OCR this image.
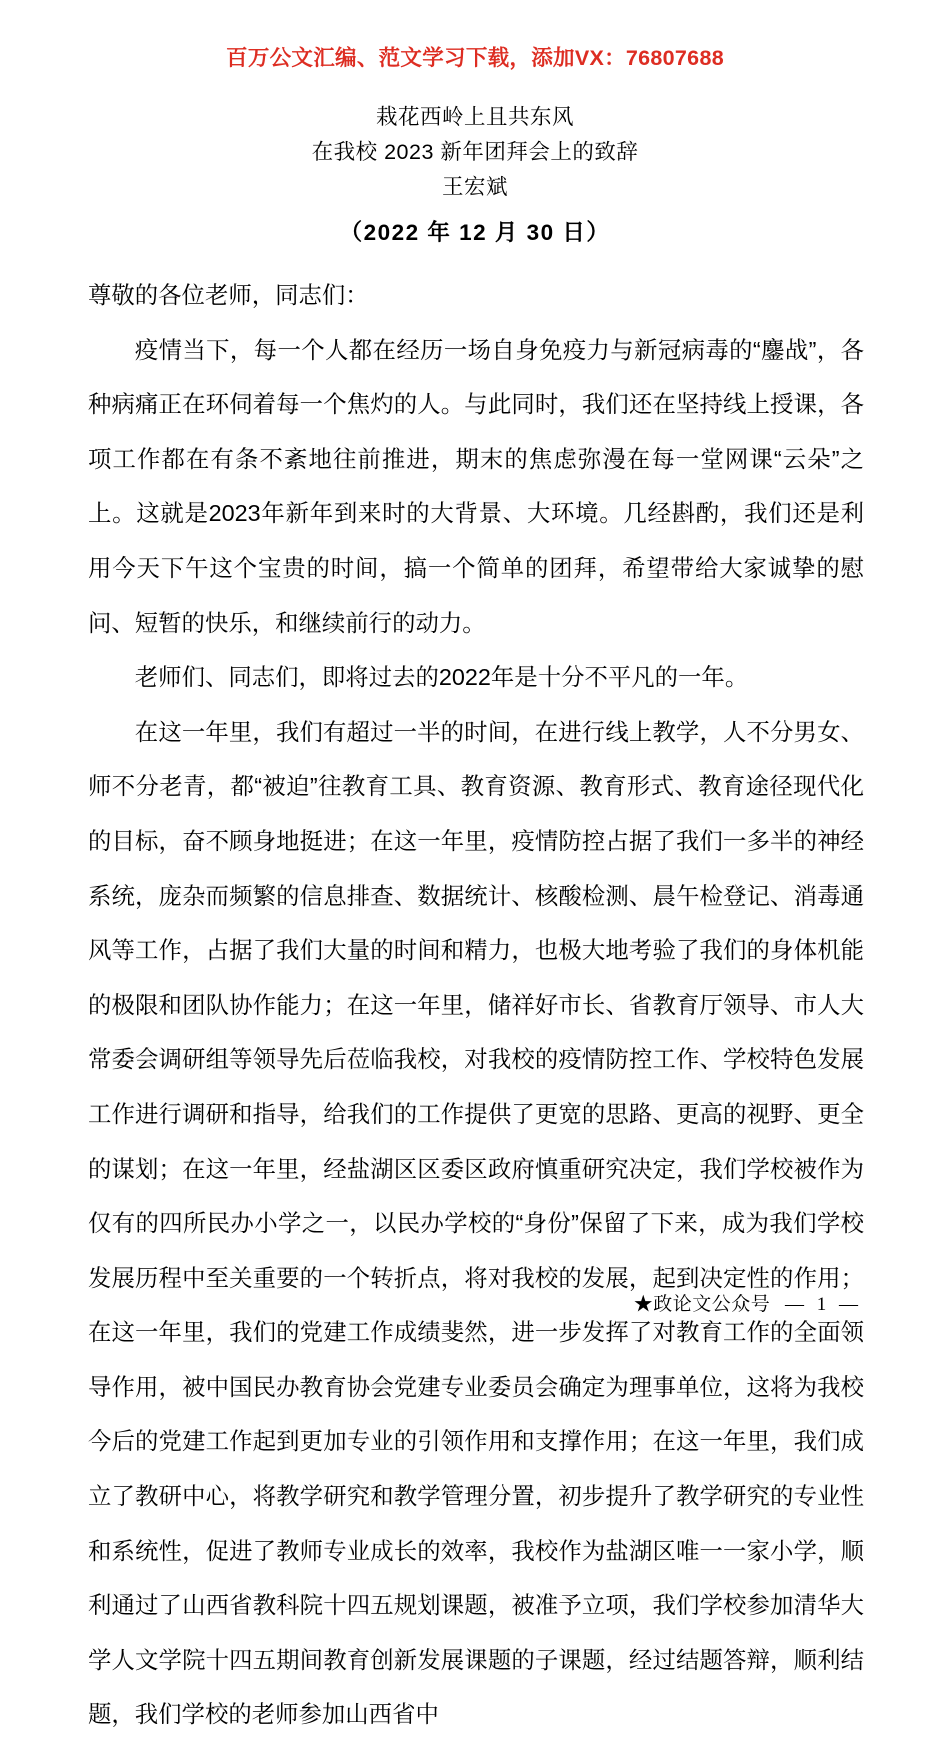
百万公文汇编、范文学习下载，添加VX：76807688
栽花西岭上且共东风
在我校 2023 新年团拜会上的致辞
王宏斌
（2022 年 12 月 30 日）

尊敬的各位老师，同志们：

疫情当下，每一个人都在经历一场自身免疫力与新冠病毒的“鏖战”，各种病痛正在环伺着每一个焦灼的人。与此同时，我们还在坚持线上授课，各项工作都在有条不紊地往前推进，期末的焦虑弥漫在每一堂网课“云朵”之上。这就是2023年新年到来时的大背景、大环境。几经斟酌，我们还是利用今天下午这个宝贵的时间，搞一个简单的团拜，希望带给大家诚挚的慰问、短暂的快乐，和继续前行的动力。

老师们、同志们，即将过去的2022年是十分不平凡的一年。

在这一年里，我们有超过一半的时间，在进行线上教学，人不分男女、师不分老青，都“被迫”往教育工具、教育资源、教育形式、教育途径现代化的目标，奋不顾身地挺进；在这一年里，疫情防控占据了我们一多半的神经系统，庞杂而频繁的信息排查、数据统计、核酸检测、晨午检登记、消毒通风等工作，占据了我们大量的时间和精力，也极大地考验了我们的身体机能的极限和团队协作能力；在这一年里，储祥好市长、省教育厅领导、市人大常委会调研组等领导先后莅临我校，对我校的疫情防控工作、学校特色发展工作进行调研和指导，给我们的工作提供了更宽的思路、更高的视野、更全的谋划；在这一年里，经盐湖区区委区政府慎重研究决定，我们学校被作为仅有的四所民办小学之一，以民办学校的“身份”保留了下来，成为我们学校发展历程中至关重要的一个转折点，将对我校的发展，起到决定性的作用；在这一年里，我们的党建工作成绩斐然，进一步发挥了对教育工作的全面领导作用，被中国民办教育协会党建专业委员会确定为理事单位，这将为我校今后的党建工作起到更加专业的引领作用和支撑作用；在这一年里，我们成立了教研中心，将教学研究和教学管理分置，初步提升了教学研究的专业性和系统性，促进了教师专业成长的效率，我校作为盐湖区唯一一家小学，顺利通过了山西省教科院十四五规划课题，被准予立项，我们学校参加清华大学人文学院十四五期间教育创新发展课题的子课题，经过结题答辩，顺利结题，我们学校的老师参加山西省中

★政论文公众号 — 1 —
